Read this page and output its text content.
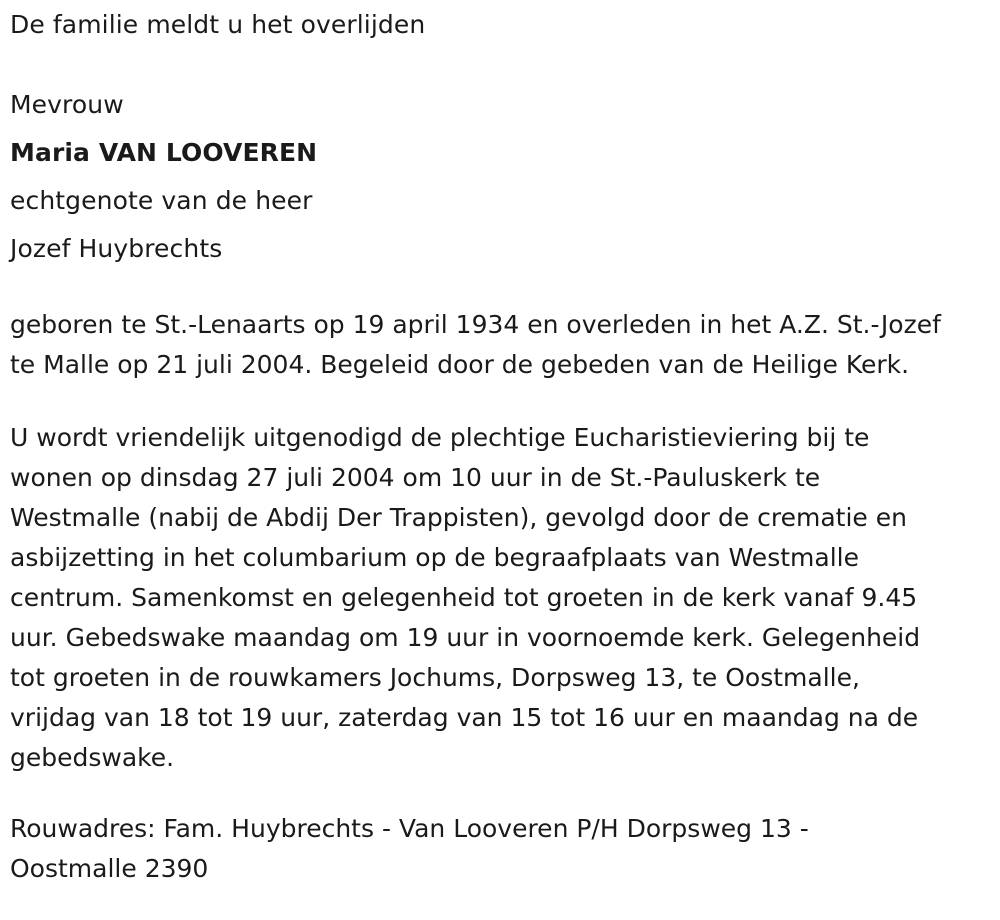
De familie meldt u het overlijden
Mevrouw
Maria VAN LOOVEREN
echtgenote van de heer
Jozef Huybrechts

geboren te St.-Lenaarts op 19 april 1934 en overleden in het A.Z. St.-Jozef
te Malle op 21 juli 2004. Begeleid door de gebeden van de Heilige Kerk.

U wordt vriendelijk uitgenodigd de plechtige Eucharistieviering bij te
wonen op dinsdag 27 juli 2004 om 10 uur in de St.-Pauluskerk te
Westmalle (nabij de Abdij Der Trappisten), gevolgd door de crematie en
asbijzetting in het columbarium op de begraafplaats van Westmalle
centrum. Samenkomst en gelegenheid tot groeten in de kerk vanaf 9.45
uur. Gebedswake maandag om 19 uur in voornoemde kerk. Gelegenheid
tot groeten in de rouwkamers Jochums, Dorpsweg 13, te Oostmalle,
vrijdag van 18 tot 19 uur, zaterdag van 15 tot 16 uur en maandag na de
gebedswake.

Rouwadres: Fam. Huybrechts - Van Looveren P/H Dorpsweg 13 -
Oostmalle 2390
